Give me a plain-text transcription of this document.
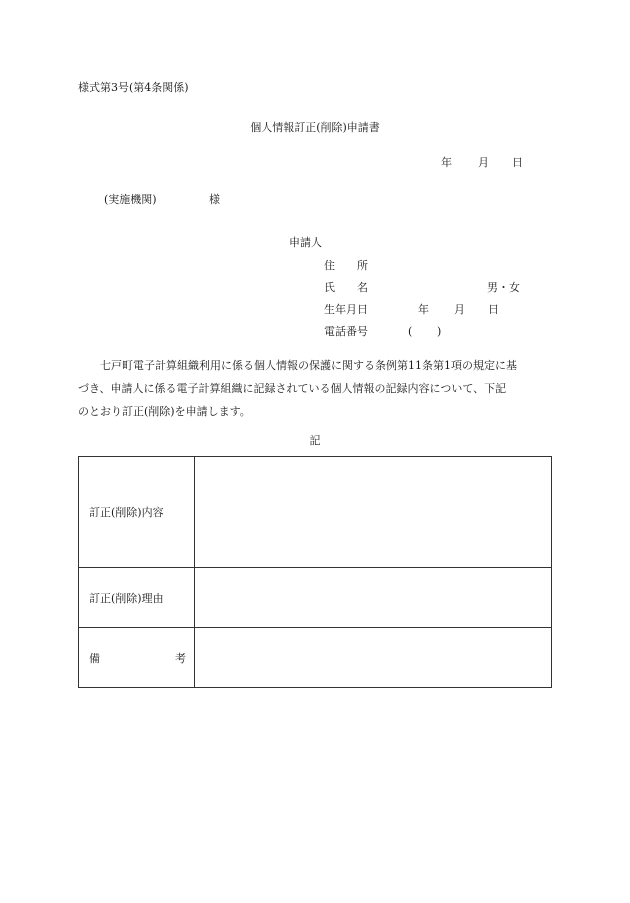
様式第3号(第4条関係)
個人情報訂正(削除)申請書
年 月 日
(実施機関)	様
申請人
住　　所
氏　　名	男・女
生年月日	年 月 日
電話番号	( )
七戸町電子計算組織利用に係る個人情報の保護に関する条例第11条第1項の規定に基
づき、申請人に係る電子計算組織に記録されている個人情報の記録内容について、下記
のとおり訂正(削除)を申請します。
記
訂正(削除)内容	
訂正(削除)理由	

備 考	
